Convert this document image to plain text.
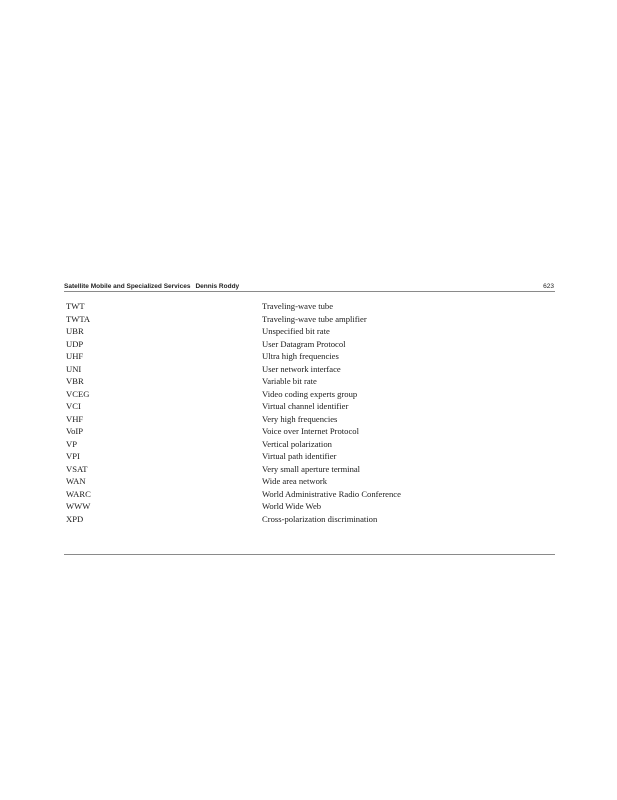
Satellite Mobile and Specialized Services Dennis Roddy	623
TWT	Traveling-wave tube
TWTA	Traveling-wave tube amplifier
UBR	Unspecified bit rate
UDP	User Datagram Protocol
UHF	Ultra high frequencies
UNI	User network interface
VBR	Variable bit rate
VCEG	Video coding experts group
VCI	Virtual channel identifier
VHF	Very high frequencies
VoIP	Voice over Internet Protocol
VP	Vertical polarization
VPI	Virtual path identifier
VSAT	Very small aperture terminal
WAN	Wide area network
WARC	World Administrative Radio Conference
WWW	World Wide Web
XPD	Cross-polarization discrimination
